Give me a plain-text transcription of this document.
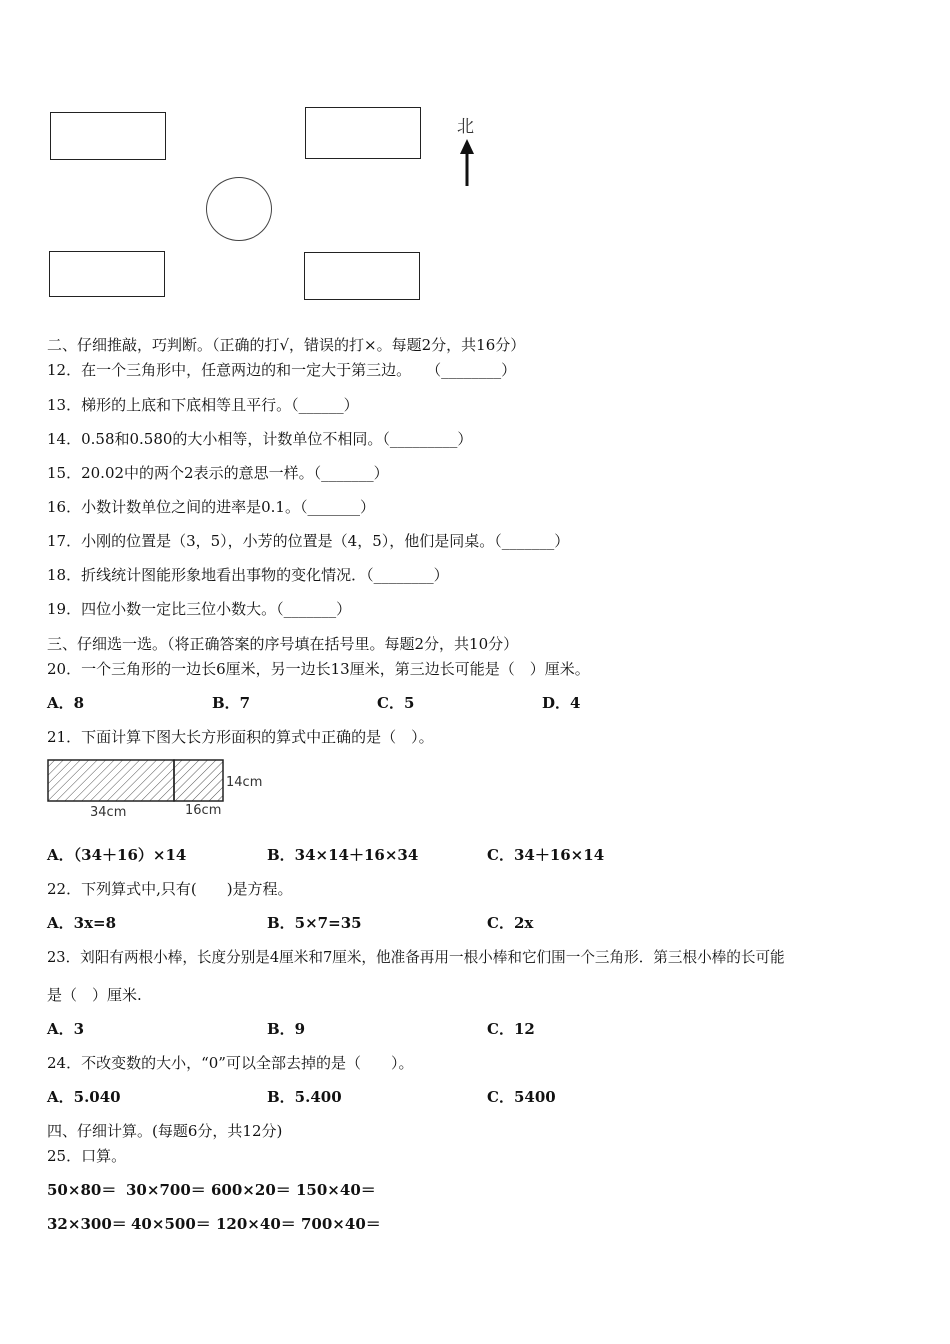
北
二、仔细推敲，巧判断。（正确的打√，错误的打×。每题2分，共16分）
12．在一个三角形中，任意两边的和一定大于第三边。　　（________）
13．梯形的上底和下底相等且平行。（______）
14．0.58和0.580的大小相等，计数单位不相同。（_________）
15．20.02中的两个2表示的意思一样。（_______）
16．小数计数单位之间的进率是0.1。（_______）
17．小刚的位置是（3，5），小芳的位置是（4，5），他们是同桌。（_______）
18．折线统计图能形象地看出事物的变化情况．（________）
19．四位小数一定比三位小数大。（_______）
三、仔细选一选。（将正确答案的序号填在括号里。每题2分，共10分）
20．一个三角形的一边长6厘米，另一边长13厘米，第三边长可能是（　）厘米。
A．8	B．7	C．5	D．4
21．下面计算下图大长方形面积的算式中正确的是（　）。
14cm
34cm	16cm
A．（34＋16）×14	B．34×14＋16×34	C．34＋16×14
22．下列算式中,只有(　　)是方程。
A．3x=8	B．5×7=35	C．2x
23．刘阳有两根小棒，长度分别是4厘米和7厘米，他准备再用一根小棒和它们围一个三角形．第三根小棒的长可能
是（　）厘米.
A．3	B．9	C．12
24．不改变数的大小，“0”可以全部去掉的是（　　）。
A．5.040	B．5.400	C．5400
四、仔细计算。(每题6分，共12分)
25．口算。
50×80＝ 30×700＝ 600×20＝ 150×40＝
32×300＝ 40×500＝ 120×40＝ 700×40＝
